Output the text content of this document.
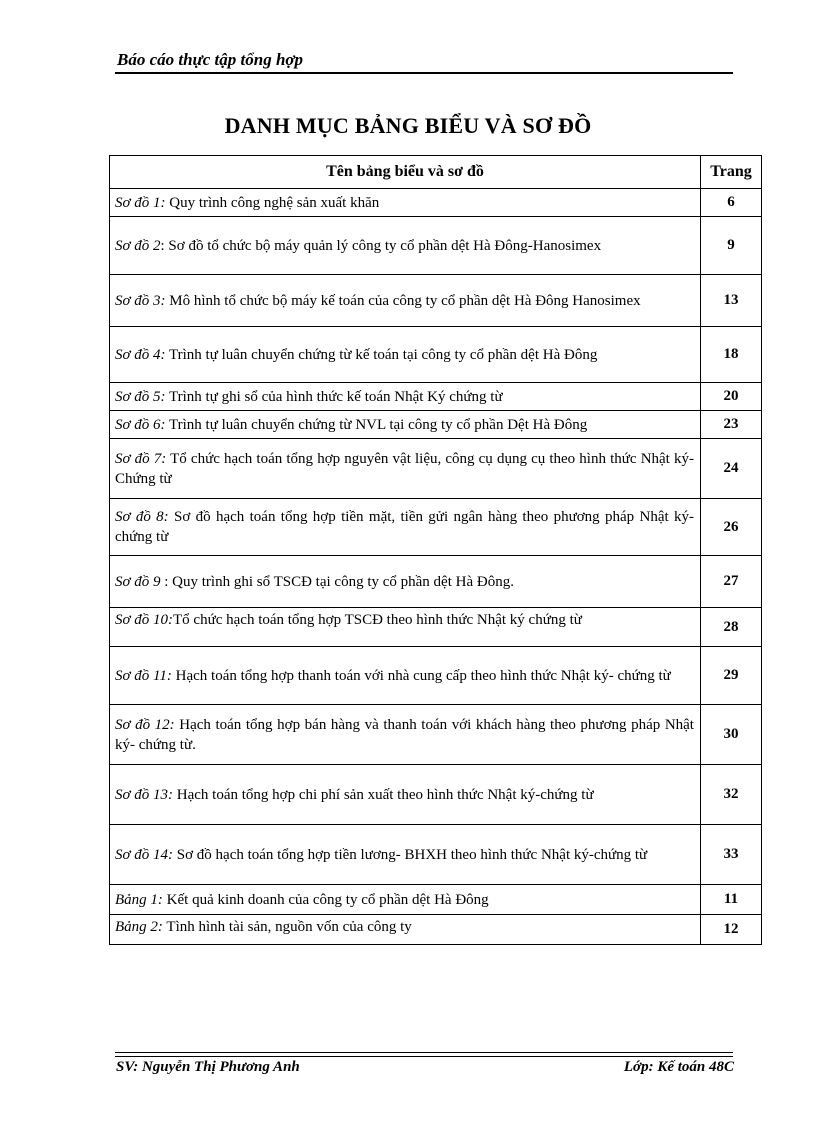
Báo cáo thực tập tổng hợp
DANH MỤC BẢNG BIỂU VÀ SƠ ĐỒ
Tên bảng biểu và sơ đồ	Trang
Sơ đồ 1: Quy trình công nghệ sản xuất khăn	6
Sơ đồ 2: Sơ đồ tổ chức bộ máy quản lý công ty cổ phần dệt Hà Đông-Hanosimex	9
Sơ đồ 3: Mô hình tổ chức bộ máy kế toán của công ty cổ phần dệt Hà Đông Hanosimex	13
Sơ đồ 4: Trình tự luân chuyển chứng từ kế toán tại công ty cổ phần dệt Hà Đông	18
Sơ đồ 5: Trình tự ghi sổ của hình thức kế toán Nhật Ký chứng từ	20
Sơ đồ 6: Trình tự luân chuyển chứng từ NVL tại công ty cổ phần Dệt Hà Đông	23
Sơ đồ 7: Tổ chức hạch toán tổng hợp nguyên vật liệu, công cụ dụng cụ theo hình thức Nhật ký- Chứng từ	24
Sơ đồ 8: Sơ đồ hạch toán tổng hợp tiền mặt, tiền gửi ngân hàng theo phương pháp Nhật ký- chứng từ	26
Sơ đồ 9 : Quy trình ghi sổ TSCĐ tại công ty cổ phần dệt Hà Đông.	27
Sơ đồ 10:Tổ chức hạch toán tổng hợp TSCĐ theo hình thức Nhật ký chứng từ	28
Sơ đồ 11: Hạch toán tổng hợp thanh toán với nhà cung cấp theo hình thức Nhật ký- chứng từ	29
Sơ đồ 12: Hạch toán tổng hợp bán hàng và thanh toán với khách hàng theo phương pháp Nhật ký- chứng từ.	30
Sơ đồ 13: Hạch toán tổng hợp chi phí sản xuất theo hình thức Nhật ký-chứng từ	32
Sơ đồ 14: Sơ đồ hạch toán tổng hợp tiền lương- BHXH theo hình thức Nhật ký-chứng từ	33
Bảng 1: Kết quả kinh doanh của công ty cổ phần dệt Hà Đông	11
Bảng 2: Tình hình tài sản, nguồn vốn của công ty	12
SV: Nguyễn Thị Phương Anh	Lớp: Kế toán 48C
